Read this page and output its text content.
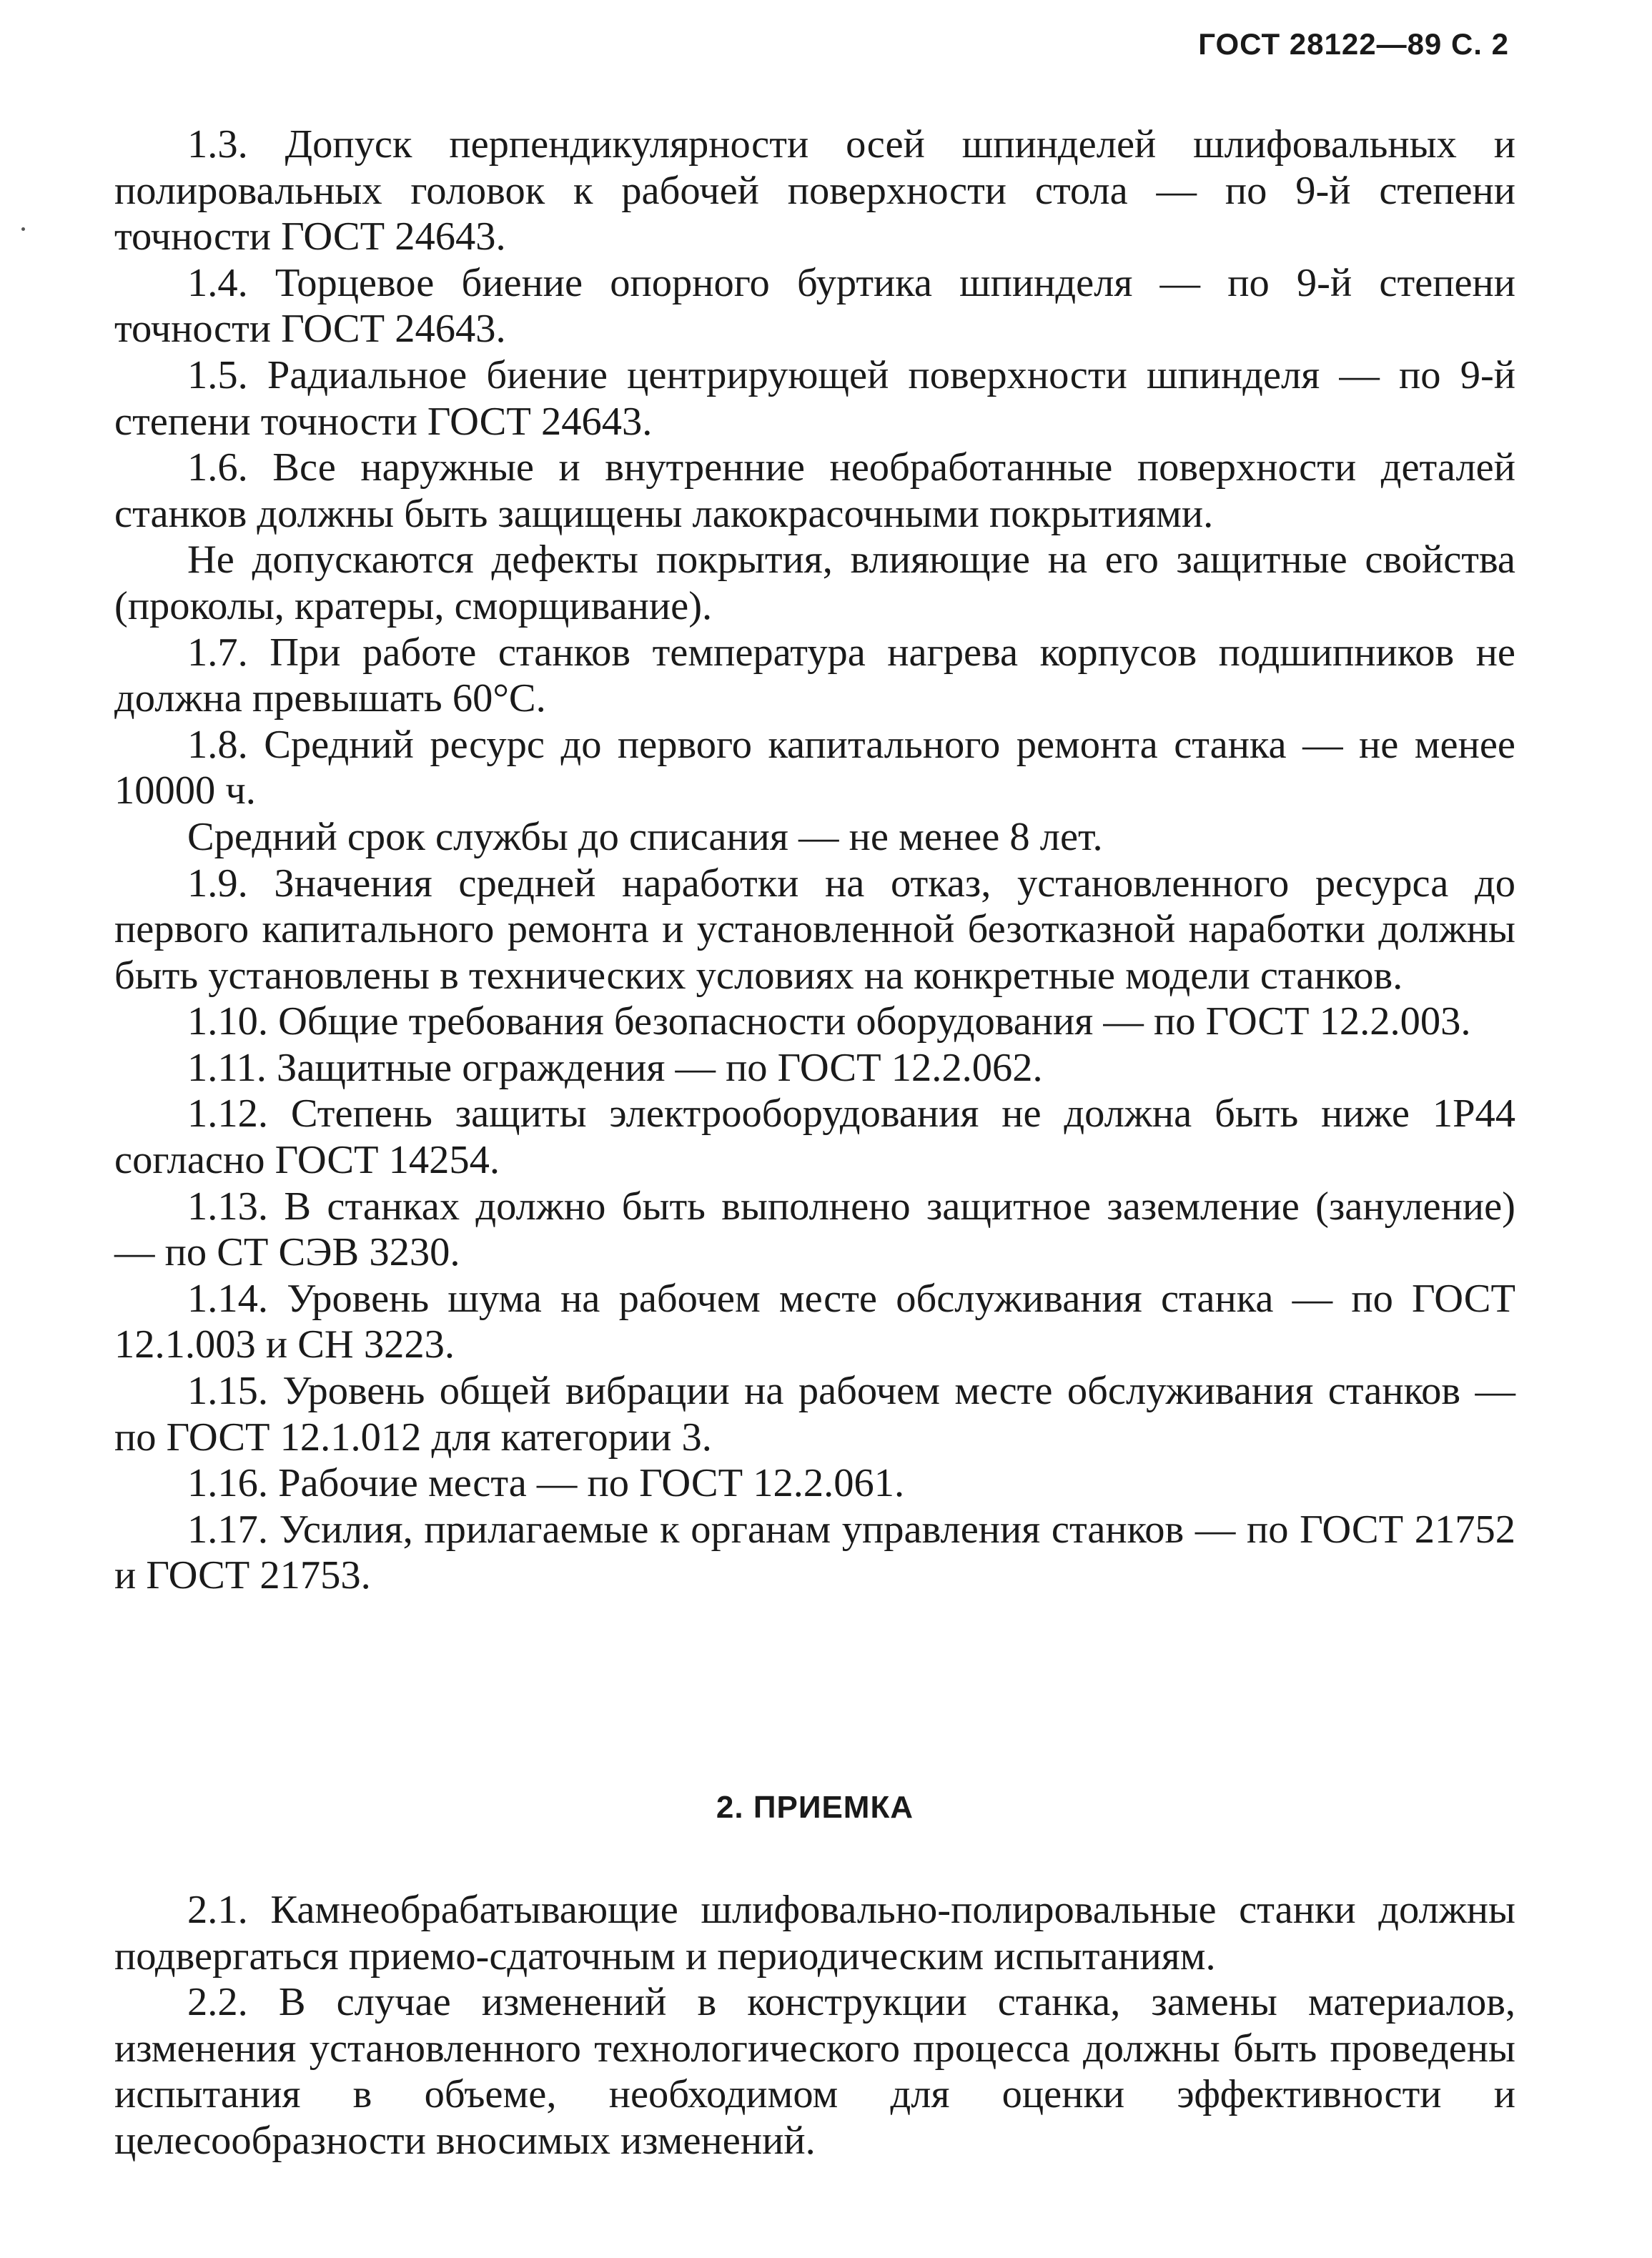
ГОСТ 28122—89 С. 2

1.3. Допуск перпендикулярности осей шпинделей шлифовальных и полировальных головок к рабочей поверхности стола — по 9-й степени точности ГОСТ 24643.

1.4. Торцевое биение опорного буртика шпинделя — по 9-й степени точности ГОСТ 24643.

1.5. Радиальное биение центрирующей поверхности шпинделя — по 9-й степени точности ГОСТ 24643.

1.6. Все наружные и внутренние необработанные поверхности деталей станков должны быть защищены лакокрасочными покрытиями.

Не допускаются дефекты покрытия, влияющие на его защитные свойства (проколы, кратеры, сморщивание).

1.7. При работе станков температура нагрева корпусов подшипников не должна превышать 60°С.

1.8. Средний ресурс до первого капитального ремонта станка — не менее 10000 ч.

Средний срок службы до списания — не менее 8 лет.

1.9. Значения средней наработки на отказ, установленного ресурса до первого капитального ремонта и установленной безотказной наработки должны быть установлены в технических условиях на конкретные модели станков.

1.10. Общие требования безопасности оборудования — по ГОСТ 12.2.003.

1.11. Защитные ограждения — по ГОСТ 12.2.062.

1.12. Степень защиты электрооборудования не должна быть ниже 1Р44 согласно ГОСТ 14254.

1.13. В станках должно быть выполнено защитное заземление (зануление) — по СТ СЭВ 3230.

1.14. Уровень шума на рабочем месте обслуживания станка — по ГОСТ 12.1.003 и СН 3223.

1.15. Уровень общей вибрации на рабочем месте обслуживания станков — по ГОСТ 12.1.012 для категории 3.

1.16. Рабочие места — по ГОСТ 12.2.061.

1.17. Усилия, прилагаемые к органам управления станков — по ГОСТ 21752 и ГОСТ 21753.

2. ПРИЕМКА

2.1. Камнеобрабатывающие шлифовально-полировальные станки должны подвергаться приемо-сдаточным и периодическим испытаниям.

2.2. В случае изменений в конструкции станка, замены материалов, изменения установленного технологического процесса должны быть проведены испытания в объеме, необходимом для оценки эффективности и целесообразности вносимых изменений.
